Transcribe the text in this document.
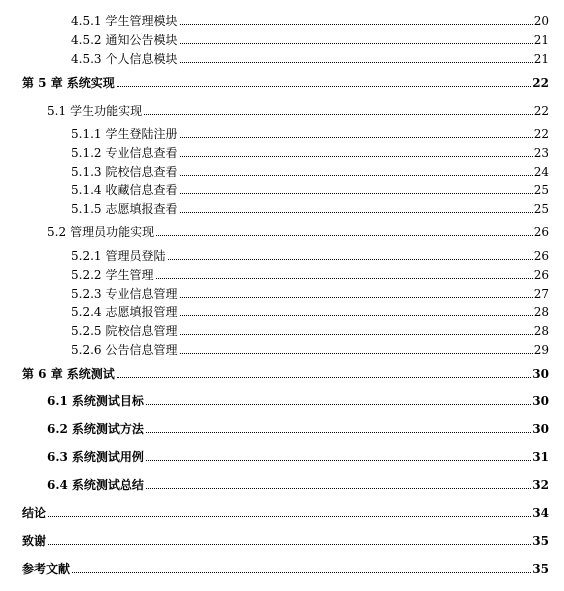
4.5.1 学生管理模块	20
4.5.2 通知公告模块	21
4.5.3 个人信息模块	21
第 5 章 系统实现	22
5.1 学生功能实现	22
5.1.1 学生登陆注册	22
5.1.2 专业信息查看	23
5.1.3 院校信息查看	24
5.1.4 收藏信息查看	25
5.1.5 志愿填报查看	25
5.2 管理员功能实现	26
5.2.1 管理员登陆	26
5.2.2 学生管理	26
5.2.3 专业信息管理	27
5.2.4 志愿填报管理	28
5.2.5 院校信息管理	28
5.2.6 公告信息管理	29
第 6 章 系统测试	30
6.1 系统测试目标	30
6.2 系统测试方法	30
6.3 系统测试用例	31
6.4 系统测试总结	32
结论	34
致谢	35
参考文献	35
